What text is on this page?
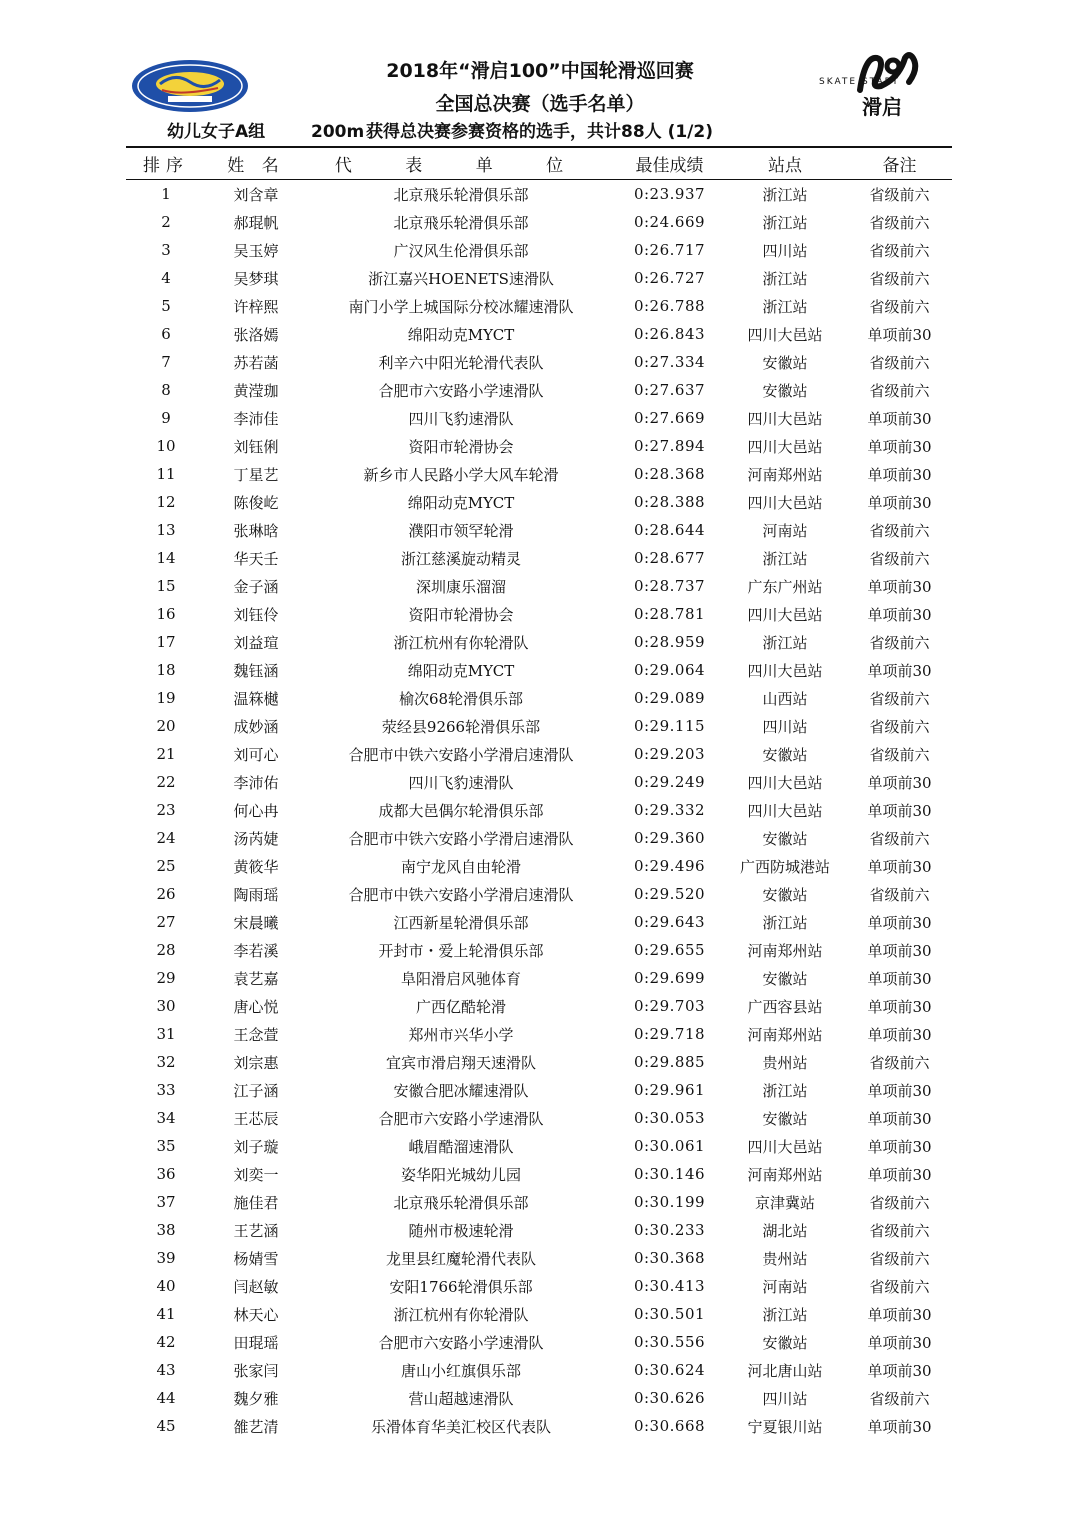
SKATE START
滑启
2018年“滑启100”中国轮滑巡回赛
全国总决赛（选手名单）
幼儿女子A组	200m 获得总决赛参赛资格的选手，共计88人 (1/2)
排序	姓 名	代 表 单 位	最佳成绩	站点	备注
1	刘含章	北京飛乐轮滑俱乐部	0:23.937	浙江站	省级前六
2	郝琨帆	北京飛乐轮滑俱乐部	0:24.669	浙江站	省级前六
3	吴玉婷	广汉风生伦滑俱乐部	0:26.717	四川站	省级前六
4	吴梦琪	浙江嘉兴HOENETS速滑队	0:26.727	浙江站	省级前六
5	许梓熙	南门小学上城国际分校冰耀速滑队	0:26.788	浙江站	省级前六
6	张洛嫣	绵阳动克MYCT	0:26.843	四川大邑站	单项前30
7	苏若菡	利辛六中阳光轮滑代表队	0:27.334	安徽站	省级前六
8	黄滢珈	合肥市六安路小学速滑队	0:27.637	安徽站	省级前六
9	李沛佳	四川飞豹速滑队	0:27.669	四川大邑站	单项前30
10	刘钰俐	资阳市轮滑协会	0:27.894	四川大邑站	单项前30
11	丁星艺	新乡市人民路小学大风车轮滑	0:28.368	河南郑州站	单项前30
12	陈俊屹	绵阳动克MYCT	0:28.388	四川大邑站	单项前30
13	张琳晗	濮阳市领罕轮滑	0:28.644	河南站	省级前六
14	华天壬	浙江慈溪旋动精灵	0:28.677	浙江站	省级前六
15	金子涵	深圳康乐溜溜	0:28.737	广东广州站	单项前30
16	刘钰伶	资阳市轮滑协会	0:28.781	四川大邑站	单项前30
17	刘益瑄	浙江杭州有你轮滑队	0:28.959	浙江站	省级前六
18	魏钰涵	绵阳动克MYCT	0:29.064	四川大邑站	单项前30
19	温箖樾	榆次68轮滑俱乐部	0:29.089	山西站	省级前六
20	成妙涵	荥经县9266轮滑俱乐部	0:29.115	四川站	省级前六
21	刘可心	合肥市中铁六安路小学滑启速滑队	0:29.203	安徽站	省级前六
22	李沛佑	四川飞豹速滑队	0:29.249	四川大邑站	单项前30
23	何心冉	成都大邑偶尔轮滑俱乐部	0:29.332	四川大邑站	单项前30
24	汤芮婕	合肥市中铁六安路小学滑启速滑队	0:29.360	安徽站	省级前六
25	黄筱华	南宁龙风自由轮滑	0:29.496	广西防城港站	单项前30
26	陶雨瑶	合肥市中铁六安路小学滑启速滑队	0:29.520	安徽站	省级前六
27	宋晨曦	江西新星轮滑俱乐部	0:29.643	浙江站	单项前30
28	李若溪	开封市・爱上轮滑俱乐部	0:29.655	河南郑州站	单项前30
29	袁艺嘉	阜阳滑启风驰体育	0:29.699	安徽站	单项前30
30	唐心悦	广西亿酷轮滑	0:29.703	广西容县站	单项前30
31	王念萱	郑州市兴华小学	0:29.718	河南郑州站	单项前30
32	刘宗惠	宜宾市滑启翔天速滑队	0:29.885	贵州站	省级前六
33	江子涵	安徽合肥冰耀速滑队	0:29.961	浙江站	单项前30
34	王芯辰	合肥市六安路小学速滑队	0:30.053	安徽站	单项前30
35	刘子璇	峨眉酷溜速滑队	0:30.061	四川大邑站	单项前30
36	刘奕一	姿华阳光城幼儿园	0:30.146	河南郑州站	单项前30
37	施佳君	北京飛乐轮滑俱乐部	0:30.199	京津冀站	省级前六
38	王艺涵	随州市极速轮滑	0:30.233	湖北站	省级前六
39	杨婧雪	龙里县红魔轮滑代表队	0:30.368	贵州站	省级前六
40	闫赵敏	安阳1766轮滑俱乐部	0:30.413	河南站	省级前六
41	林天心	浙江杭州有你轮滑队	0:30.501	浙江站	单项前30
42	田琨瑶	合肥市六安路小学速滑队	0:30.556	安徽站	单项前30
43	张家闫	唐山小红旗俱乐部	0:30.624	河北唐山站	单项前30
44	魏夕雅	营山超越速滑队	0:30.626	四川站	省级前六
45	雒艺清	乐滑体育华美汇校区代表队	0:30.668	宁夏银川站	单项前30
